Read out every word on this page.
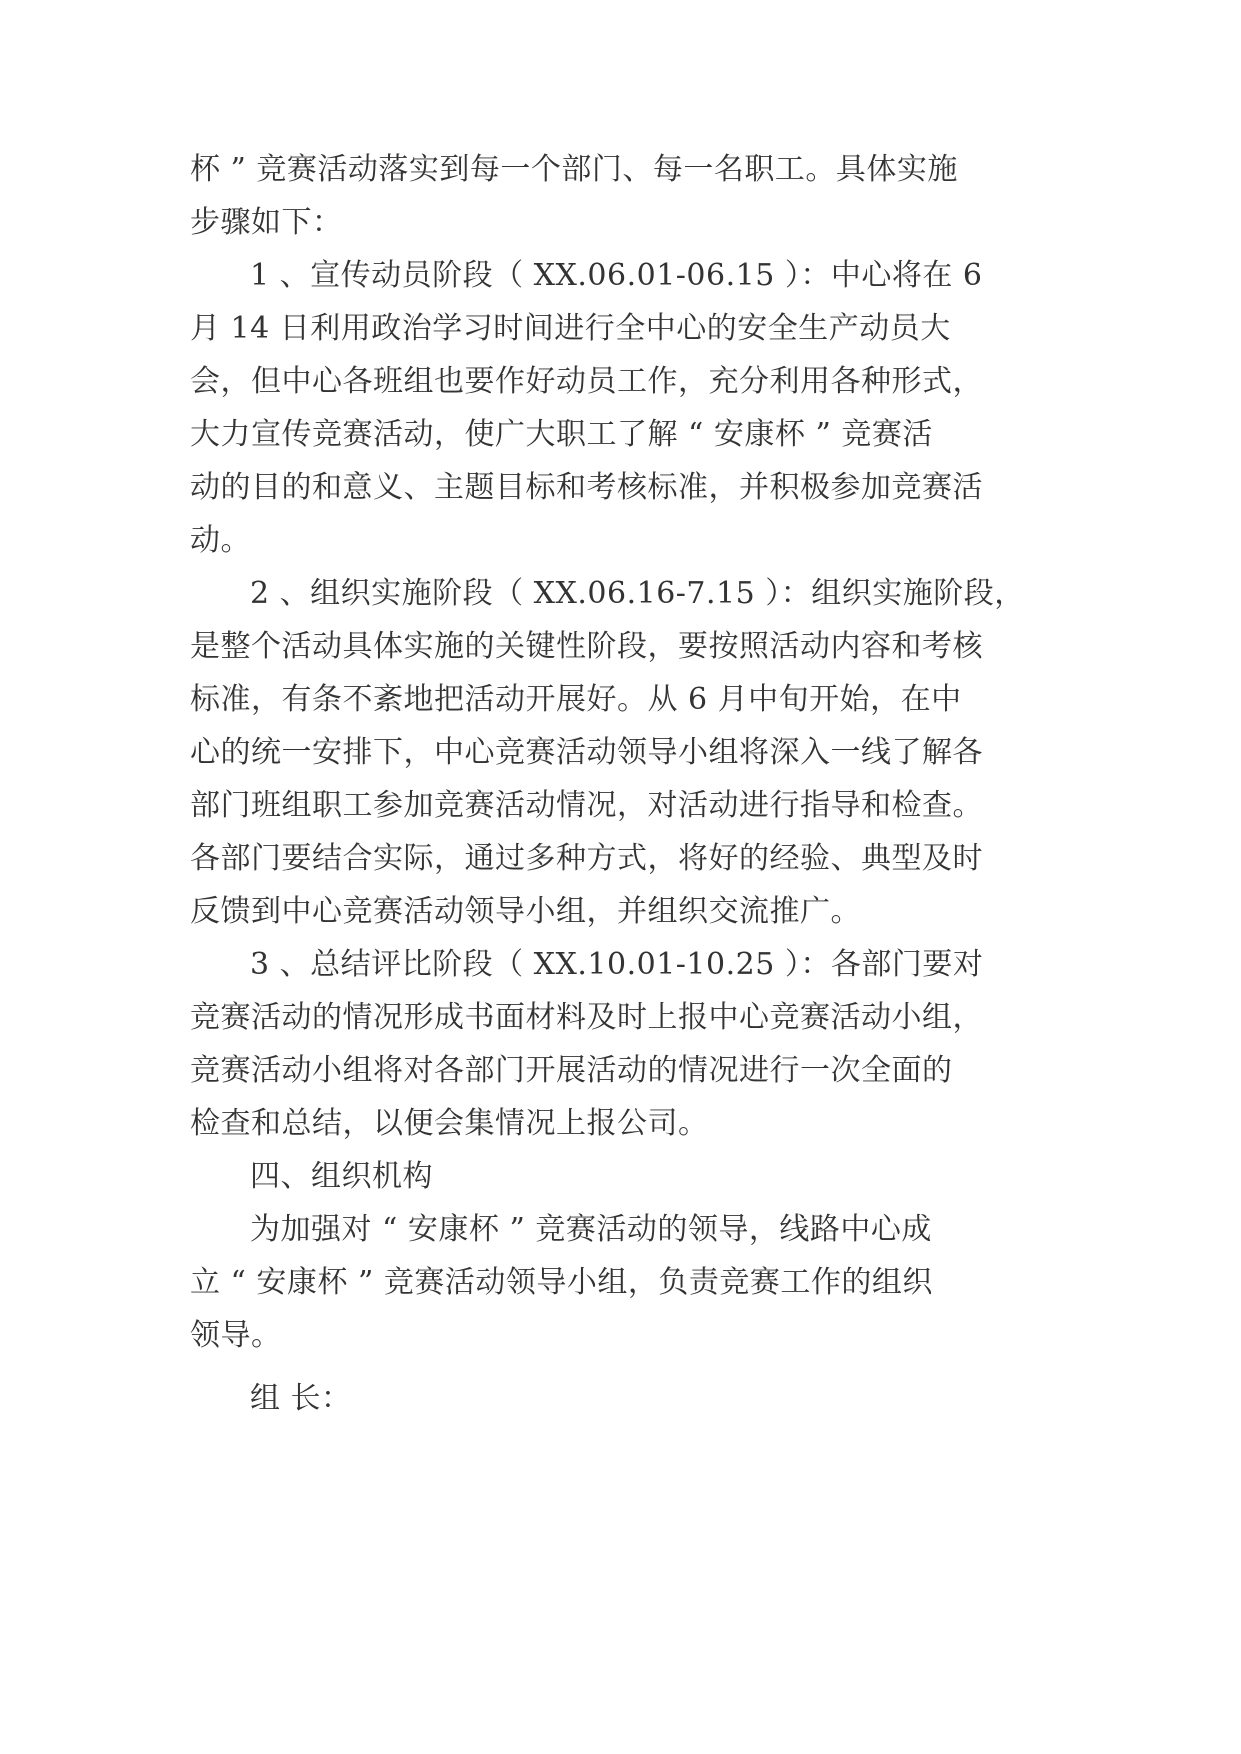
杯 ” 竞赛活动落实到每一个部门、每一名职工。具体实施
步骤如下：
1 、宣传动员阶段（ XX.06.01-06.15 ）：中心将在 6
月 14 日利用政治学习时间进行全中心的安全生产动员大
会，但中心各班组也要作好动员工作，充分利用各种形式，
大力宣传竞赛活动，使广大职工了解 “ 安康杯 ” 竞赛活
动的目的和意义、主题目标和考核标准，并积极参加竞赛活
动。
2 、组织实施阶段（ XX.06.16-7.15 ）：组织实施阶段，
是整个活动具体实施的关键性阶段，要按照活动内容和考核
标准，有条不紊地把活动开展好。从 6 月中旬开始，在中
心的统一安排下，中心竞赛活动领导小组将深入一线了解各
部门班组职工参加竞赛活动情况，对活动进行指导和检查。
各部门要结合实际，通过多种方式，将好的经验、典型及时
反馈到中心竞赛活动领导小组，并组织交流推广。
3 、总结评比阶段（ XX.10.01-10.25 ）：各部门要对
竞赛活动的情况形成书面材料及时上报中心竞赛活动小组，
竞赛活动小组将对各部门开展活动的情况进行一次全面的
检查和总结，以便会集情况上报公司。
四、组织机构
为加强对 “ 安康杯 ” 竞赛活动的领导，线路中心成
立 “ 安康杯 ” 竞赛活动领导小组，负责竞赛工作的组织
领导。
组 长：
